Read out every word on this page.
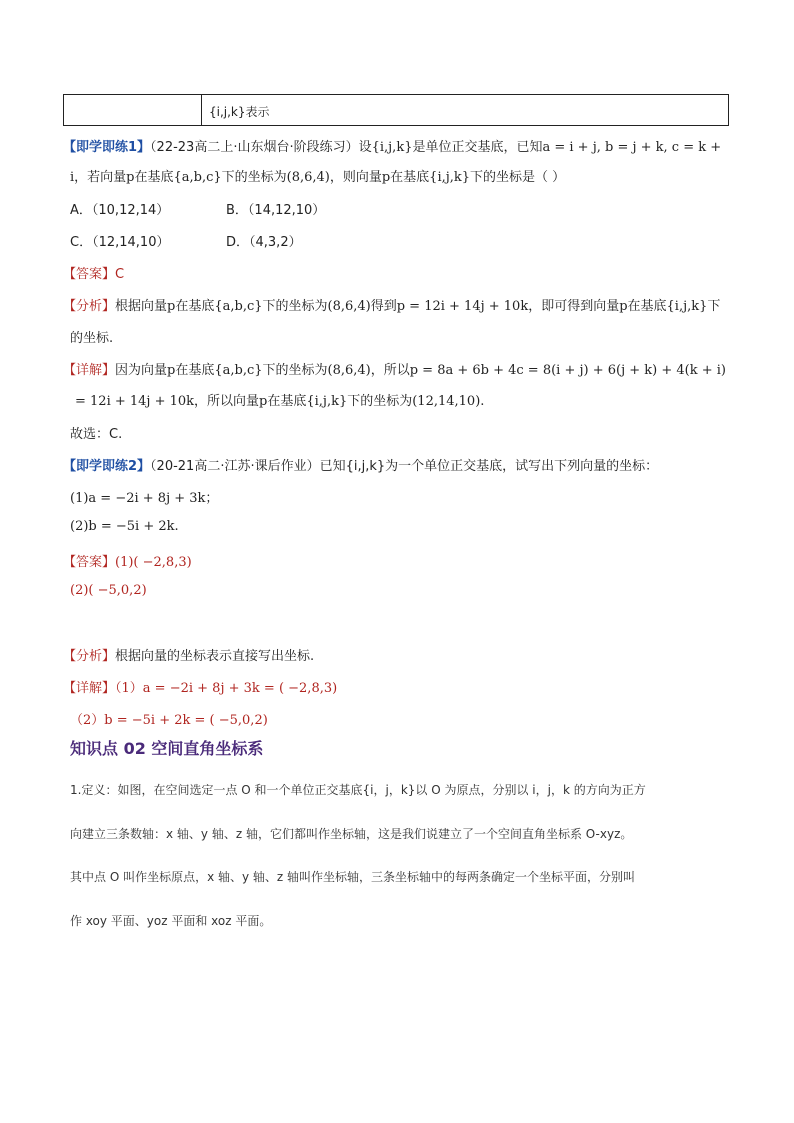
{i,j,k}表示
【即学即练1】（22-23高二上·山东烟台·阶段练习）设{i,j,k}是单位正交基底，已知a = i + j, b = j + k, c = k +
i，若向量p在基底{a,b,c}下的坐标为(8,6,4)，则向量p在基底{i,j,k}下的坐标是（ ）
A．（10,12,14）	B．（14,12,10）
C．（12,14,10）	D．（4,3,2）
【答案】C
【分析】根据向量p在基底{a,b,c}下的坐标为(8,6,4)得到p = 12i + 14j + 10k，即可得到向量p在基底{i,j,k}下
的坐标.
【详解】因为向量p在基底{a,b,c}下的坐标为(8,6,4)，所以p = 8a + 6b + 4c = 8(i + j) + 6(j + k) + 4(k + i)
= 12i + 14j + 10k，所以向量p在基底{i,j,k}下的坐标为(12,14,10).
故选：C.
【即学即练2】（20-21高二·江苏·课后作业）已知{i,j,k}为一个单位正交基底，试写出下列向量的坐标：
(1)a = −2i + 8j + 3k；
(2)b = −5i + 2k.
【答案】(1)( −2,8,3)
(2)( −5,0,2)
【分析】根据向量的坐标表示直接写出坐标.
【详解】（1）a = −2i + 8j + 3k = ( −2,8,3)
（2）b = −5i + 2k = ( −5,0,2)
知识点 02 空间直角坐标系
1.定义：如图，在空间选定一点 O 和一个单位正交基底{i，j，k}以 O 为原点，分别以 i，j，k 的方向为正方
向建立三条数轴：x 轴、y 轴、z 轴，它们都叫作坐标轴，这是我们说建立了一个空间直角坐标系 O-xyz。
其中点 O 叫作坐标原点，x 轴、y 轴、z 轴叫作坐标轴，三条坐标轴中的每两条确定一个坐标平面，分别叫
作 xoy 平面、yoz 平面和 xoz 平面。
